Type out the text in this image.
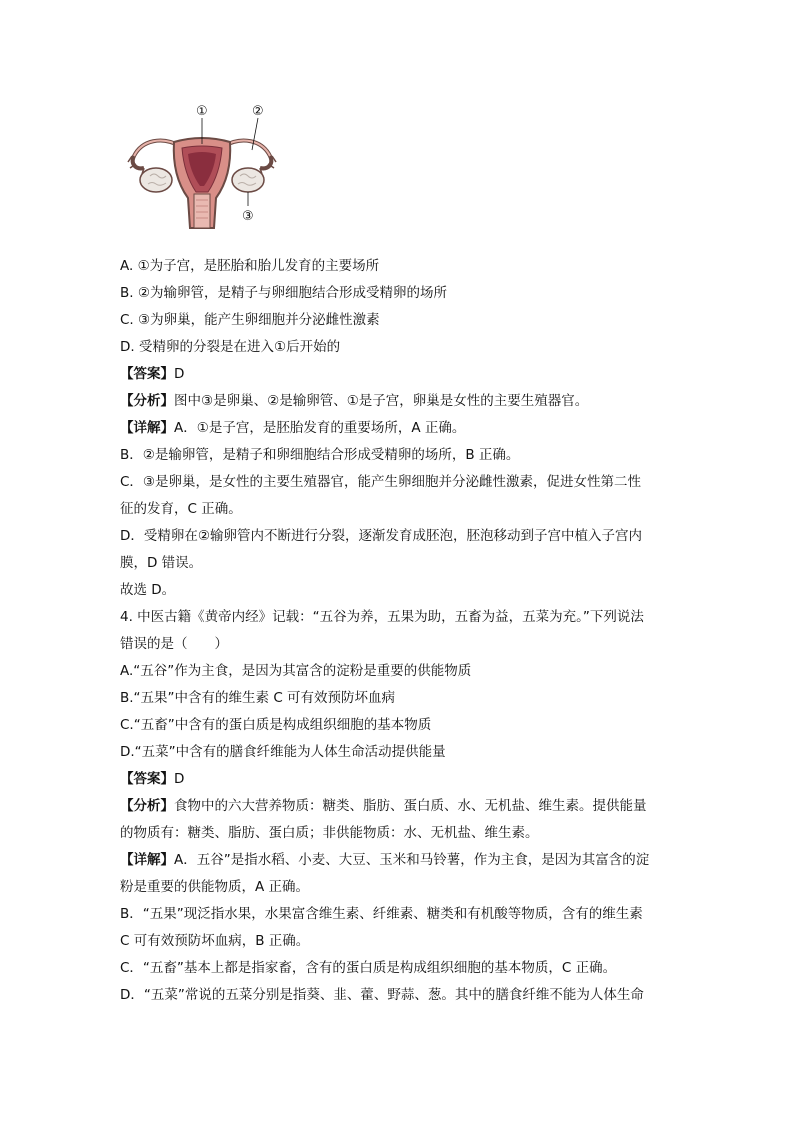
①	②
③
A. ①为子宫，是胚胎和胎儿发育的主要场所
B. ②为输卵管，是精子与卵细胞结合形成受精卵的场所
C. ③为卵巢，能产生卵细胞并分泌雌性激素
D. 受精卵的分裂是在进入①后开始的
【答案】D
【分析】图中③是卵巢、②是输卵管、①是子宫，卵巢是女性的主要生殖器官。
【详解】A．①是子宫，是胚胎发育的重要场所，A 正确。
B．②是输卵管，是精子和卵细胞结合形成受精卵的场所，B 正确。
C．③是卵巢，是女性的主要生殖器官，能产生卵细胞并分泌雌性激素，促进女性第二性
征的发育，C 正确。
D．受精卵在②输卵管内不断进行分裂，逐渐发育成胚泡，胚泡移动到子宫中植入子宫内
膜，D 错误。
故选 D。
4. 中医古籍《黄帝内经》记载：“五谷为养，五果为助，五畜为益，五菜为充。”下列说法
错误的是（　　）
A.“五谷”作为主食，是因为其富含的淀粉是重要的供能物质
B.“五果”中含有的维生素 C 可有效预防坏血病
C.“五畜”中含有的蛋白质是构成组织细胞的基本物质
D.“五菜”中含有的膳食纤维能为人体生命活动提供能量
【答案】D
【分析】食物中的六大营养物质：糖类、脂肪、蛋白质、水、无机盐、维生素。提供能量
的物质有：糖类、脂肪、蛋白质；非供能物质：水、无机盐、维生素。
【详解】A．五谷”是指水稻、小麦、大豆、玉米和马铃薯，作为主食，是因为其富含的淀
粉是重要的供能物质，A 正确。
B．“五果”现泛指水果，水果富含维生素、纤维素、糖类和有机酸等物质，含有的维生素
C 可有效预防坏血病，B 正确。
C．“五畜”基本上都是指家畜，含有的蛋白质是构成组织细胞的基本物质，C 正确。
D．“五菜”常说的五菜分别是指葵、韭、藿、野蒜、葱。其中的膳食纤维不能为人体生命
